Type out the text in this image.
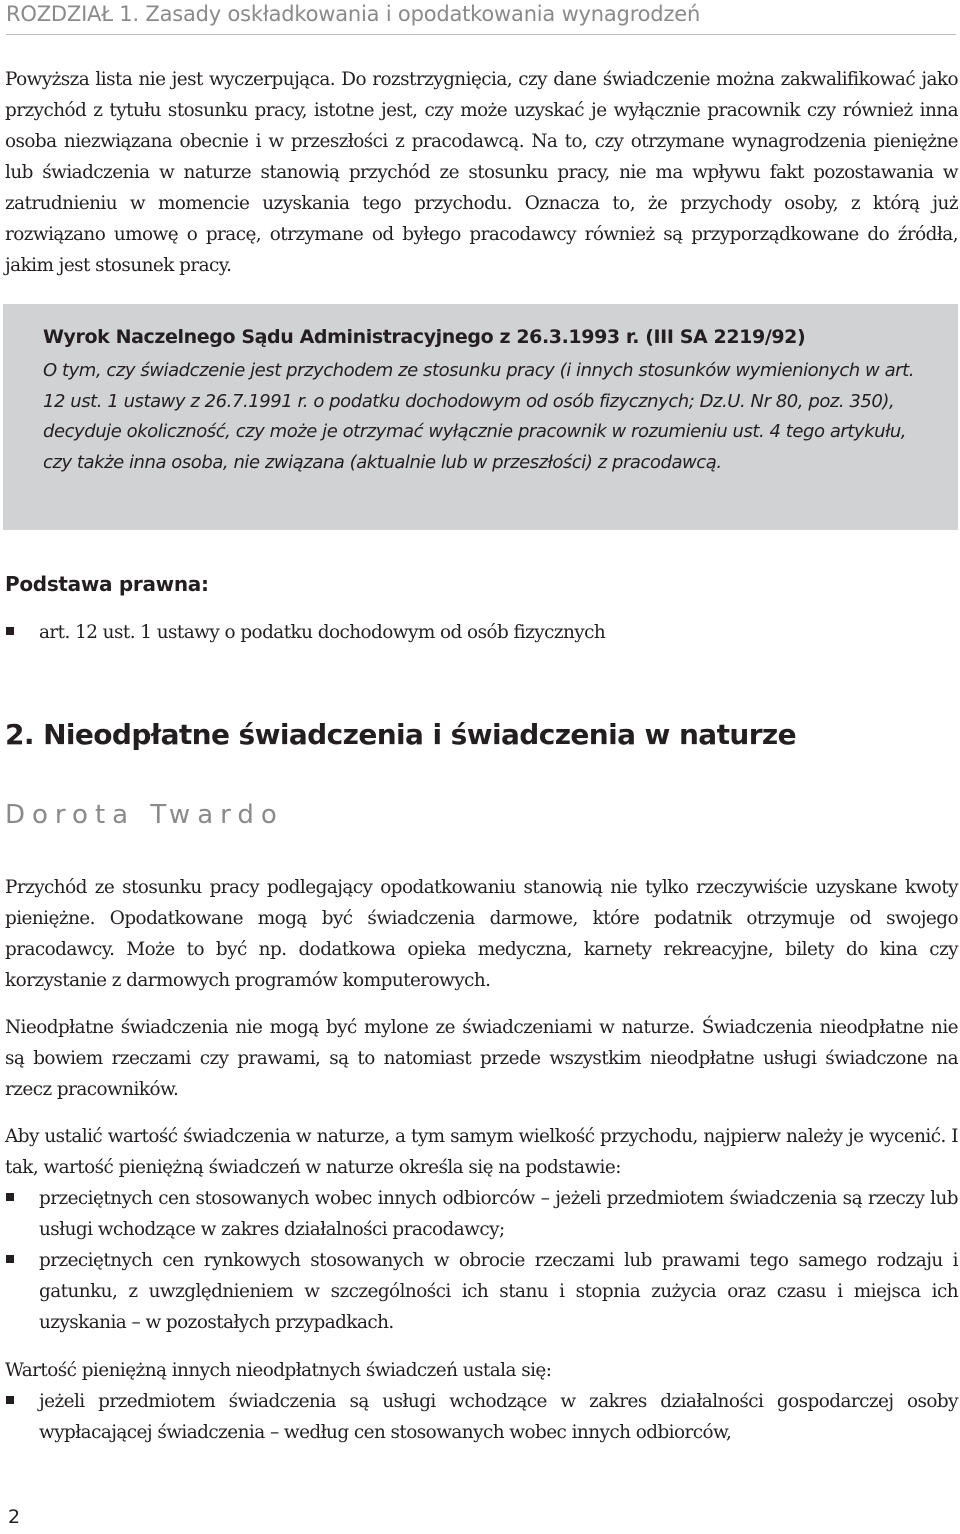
ROZDZIAŁ 1. Zasady oskładkowania i opodatkowania wynagrodzeń

Powyższa lista nie jest wyczerpująca. Do rozstrzygnięcia, czy dane świadczenie można zakwalifikować jako przychód z tytułu stosunku pracy, istotne jest, czy może uzyskać je wyłącznie pracownik czy również inna osoba niezwiązana obecnie i w przeszłości z pracodawcą. Na to, czy otrzymane wynagrodzenia pieniężne lub świadczenia w naturze stanowią przychód ze stosunku pracy, nie ma wpływu fakt pozostawania w zatrudnieniu w momencie uzyskania tego przychodu. Oznacza to, że przychody osoby, z którą już rozwiązano umowę o pracę, otrzymane od byłego pracodawcy również są przyporządkowane do źródła, jakim jest stosunek pracy.

Wyrok Naczelnego Sądu Administracyjnego z 26.3.1993 r. (III SA 2219/92)

O tym, czy świadczenie jest przychodem ze stosunku pracy (i innych stosunków wymienionych w art. 12 ust. 1 ustawy z 26.7.1991 r. o podatku dochodowym od osób fizycznych; Dz.U. Nr 80, poz. 350), decyduje okoliczność, czy może je otrzymać wyłącznie pracownik w rozumieniu ust. 4 tego artykułu, czy także inna osoba, nie związana (aktualnie lub w przeszłości) z pracodawcą.

Podstawa prawna:
art. 12 ust. 1 ustawy o podatku dochodowym od osób fizycznych
2. Nieodpłatne świadczenia i świadczenia w naturze

Dorota Twardo

Przychód ze stosunku pracy podlegający opodatkowaniu stanowią nie tylko rzeczywiście uzyskane kwoty pieniężne. Opodatkowane mogą być świadczenia darmowe, które podatnik otrzymuje od swojego pracodawcy. Może to być np. dodatkowa opieka medyczna, karnety rekreacyjne, bilety do kina czy korzystanie z darmowych programów komputerowych.

Nieodpłatne świadczenia nie mogą być mylone ze świadczeniami w naturze. Świadczenia nieodpłatne nie są bowiem rzeczami czy prawami, są to natomiast przede wszystkim nieodpłatne usługi świadczone na rzecz pracowników.

Aby ustalić wartość świadczenia w naturze, a tym samym wielkość przychodu, najpierw należy je wycenić. I tak, wartość pieniężną świadczeń w naturze określa się na podstawie:

przeciętnych cen stosowanych wobec innych odbiorców – jeżeli przedmiotem świadczenia są rzeczy lub usługi wchodzące w zakres działalności pracodawcy;
przeciętnych cen rynkowych stosowanych w obrocie rzeczami lub prawami tego samego rodzaju i gatunku, z uwzględnieniem w szczególności ich stanu i stopnia zużycia oraz czasu i miejsca ich uzyskania – w pozostałych przypadkach.

Wartość pieniężną innych nieodpłatnych świadczeń ustala się:

jeżeli przedmiotem świadczenia są usługi wchodzące w zakres działalności gospodarczej osoby wypłacającej świadczenia – według cen stosowanych wobec innych odbiorców,
2
